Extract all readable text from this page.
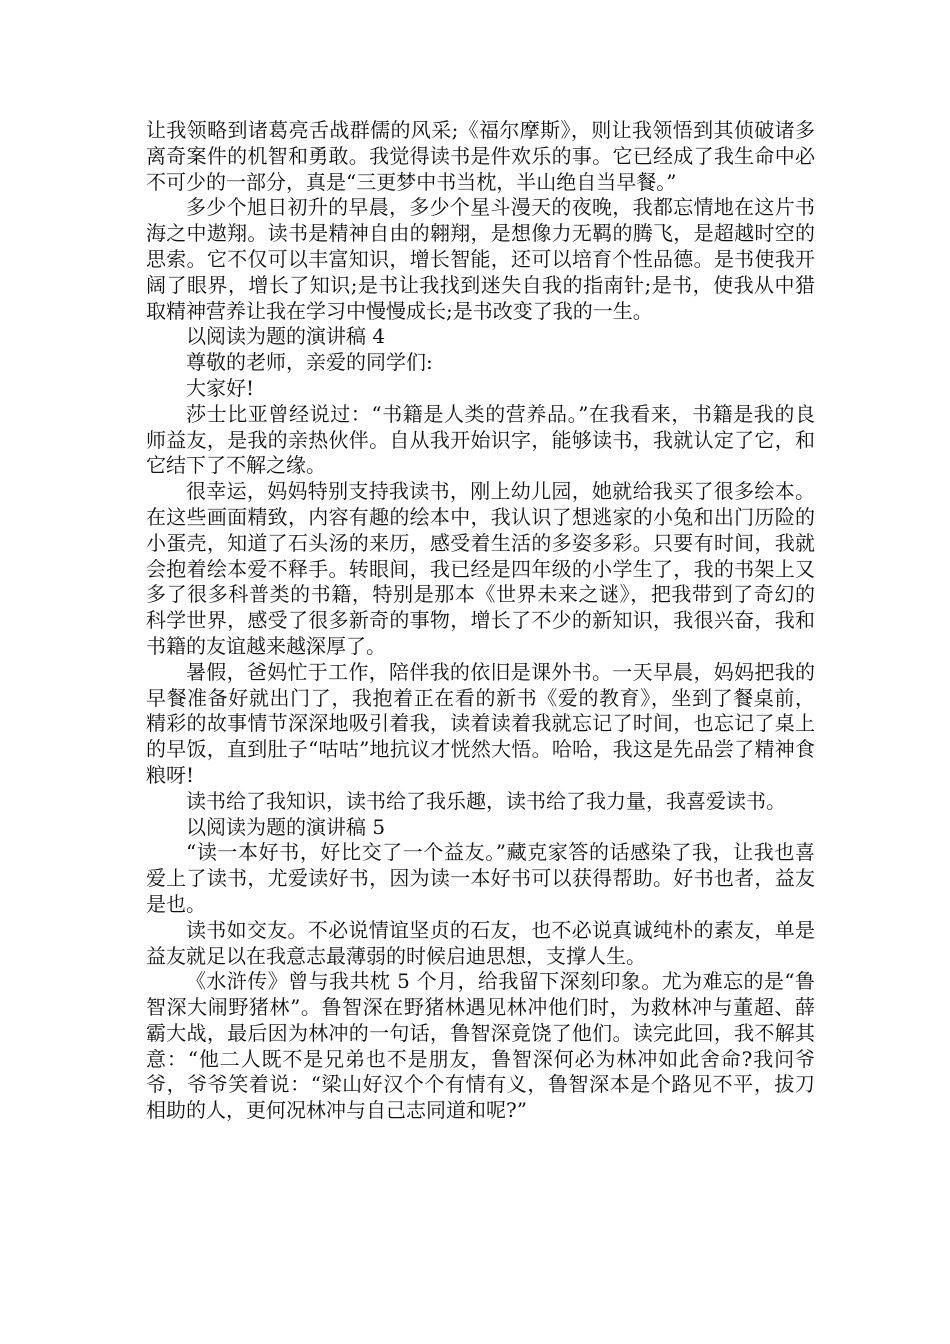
让我领略到诸葛亮舌战群儒的风采;《福尔摩斯》，则让我领悟到其侦破诸多离奇案件的机智和勇敢。我觉得读书是件欢乐的事。它已经成了我生命中必不可少的一部分，真是“三更梦中书当枕，半山绝自当早餐。”

多少个旭日初升的早晨，多少个星斗漫天的夜晚，我都忘情地在这片书海之中遨翔。读书是精神自由的翱翔，是想像力无羁的腾飞，是超越时空的思索。它不仅可以丰富知识，增长智能，还可以培育个性品德。是书使我开阔了眼界，增长了知识;是书让我找到迷失自我的指南针;是书，使我从中猎取精神营养让我在学习中慢慢成长;是书改变了我的一生。

以阅读为题的演讲稿 4

尊敬的老师，亲爱的同学们:

大家好!

莎士比亚曾经说过：“书籍是人类的营养品。”在我看来，书籍是我的良师益友，是我的亲热伙伴。自从我开始识字，能够读书，我就认定了它，和它结下了不解之缘。

很幸运，妈妈特别支持我读书，刚上幼儿园，她就给我买了很多绘本。在这些画面精致，内容有趣的绘本中，我认识了想逃家的小兔和出门历险的小蛋壳，知道了石头汤的来历，感受着生活的多姿多彩。只要有时间，我就会抱着绘本爱不释手。转眼间，我已经是四年级的小学生了，我的书架上又多了很多科普类的书籍，特别是那本《世界未来之谜》，把我带到了奇幻的科学世界，感受了很多新奇的事物，增长了不少的新知识，我很兴奋，我和书籍的友谊越来越深厚了。

暑假，爸妈忙于工作，陪伴我的依旧是课外书。一天早晨，妈妈把我的早餐准备好就出门了，我抱着正在看的新书《爱的教育》，坐到了餐桌前，精彩的故事情节深深地吸引着我，读着读着我就忘记了时间，也忘记了桌上的早饭，直到肚子“咕咕”地抗议才恍然大悟。哈哈，我这是先品尝了精神食粮呀!

读书给了我知识，读书给了我乐趣，读书给了我力量，我喜爱读书。

以阅读为题的演讲稿 5

“读一本好书，好比交了一个益友。”藏克家答的话感染了我，让我也喜爱上了读书，尤爱读好书，因为读一本好书可以获得帮助。好书也者，益友是也。

读书如交友。不必说情谊坚贞的石友，也不必说真诚纯朴的素友，单是益友就足以在我意志最薄弱的时候启迪思想，支撑人生。

《水浒传》曾与我共枕 5 个月，给我留下深刻印象。尤为难忘的是“鲁智深大闹野猪林”。鲁智深在野猪林遇见林冲他们时，为救林冲与董超、薛霸大战，最后因为林冲的一句话，鲁智深竟饶了他们。读完此回，我不解其意：“他二人既不是兄弟也不是朋友，鲁智深何必为林冲如此舍命?我问爷爷，爷爷笑着说：“梁山好汉个个有情有义，鲁智深本是个路见不平，拔刀相助的人，更何况林冲与自己志同道和呢?”
